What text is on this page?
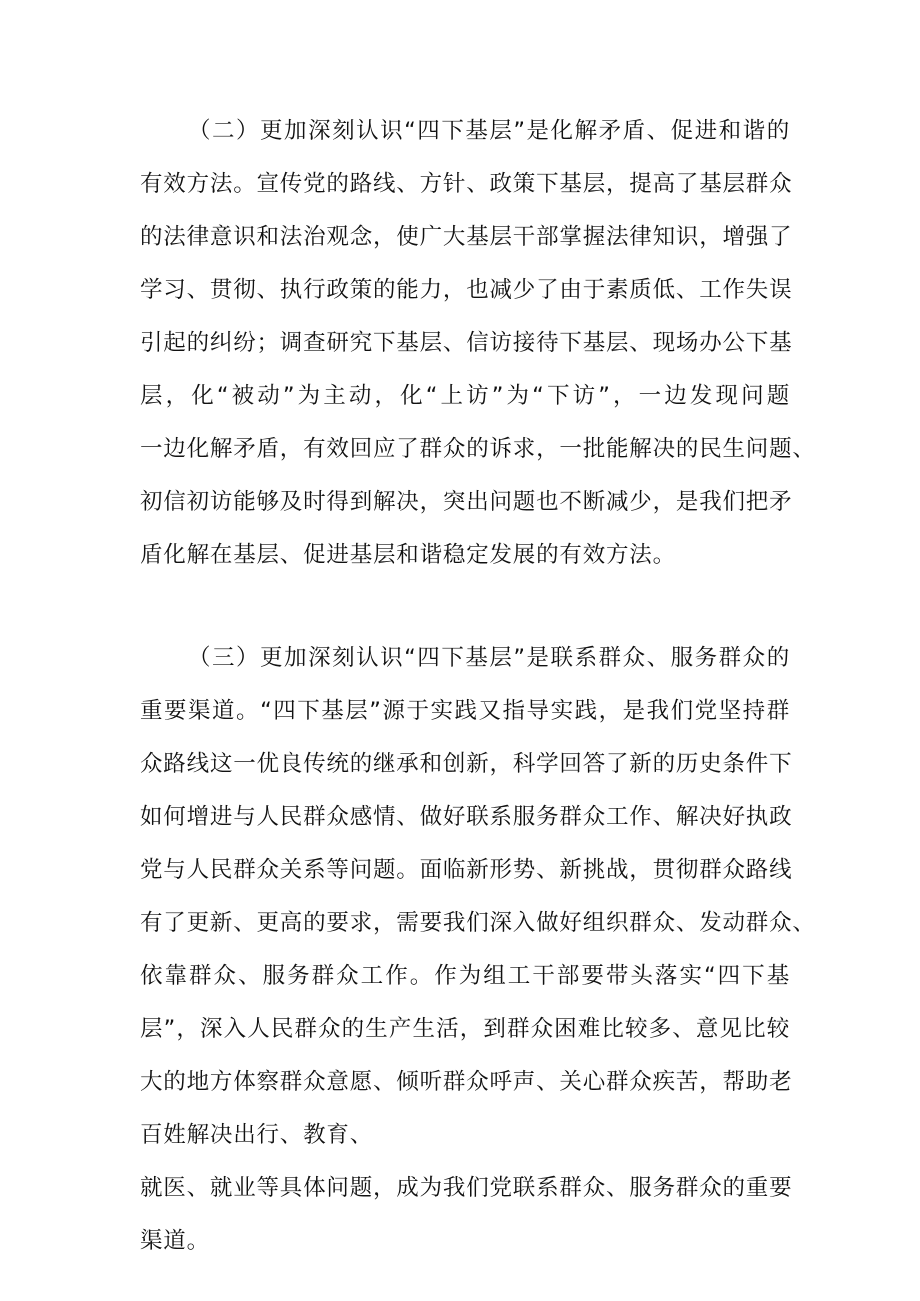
（二）更加深刻认识“四下基层”是化解矛盾、促进和谐的
有效方法。宣传党的路线、方针、政策下基层，提高了基层群众
的法律意识和法治观念，使广大基层干部掌握法律知识，增强了
学习、贯彻、执行政策的能力，也减少了由于素质低、工作失误
引起的纠纷；调查研究下基层、信访接待下基层、现场办公下基
层，化“被动”为主动，化“上访”为“下访”，一边发现问题
一边化解矛盾，有效回应了群众的诉求，一批能解决的民生问题、
初信初访能够及时得到解决，突出问题也不断减少，是我们把矛
盾化解在基层、促进基层和谐稳定发展的有效方法。
（三）更加深刻认识“四下基层”是联系群众、服务群众的
重要渠道。“四下基层”源于实践又指导实践，是我们党坚持群
众路线这一优良传统的继承和创新，科学回答了新的历史条件下
如何增进与人民群众感情、做好联系服务群众工作、解决好执政
党与人民群众关系等问题。面临新形势、新挑战，贯彻群众路线
有了更新、更高的要求，需要我们深入做好组织群众、发动群众、
依靠群众、服务群众工作。作为组工干部要带头落实“四下基
层”，深入人民群众的生产生活，到群众困难比较多、意见比较
大的地方体察群众意愿、倾听群众呼声、关心群众疾苦，帮助老
百姓解决出行、教育、
就医、就业等具体问题，成为我们党联系群众、服务群众的重要
渠道。
